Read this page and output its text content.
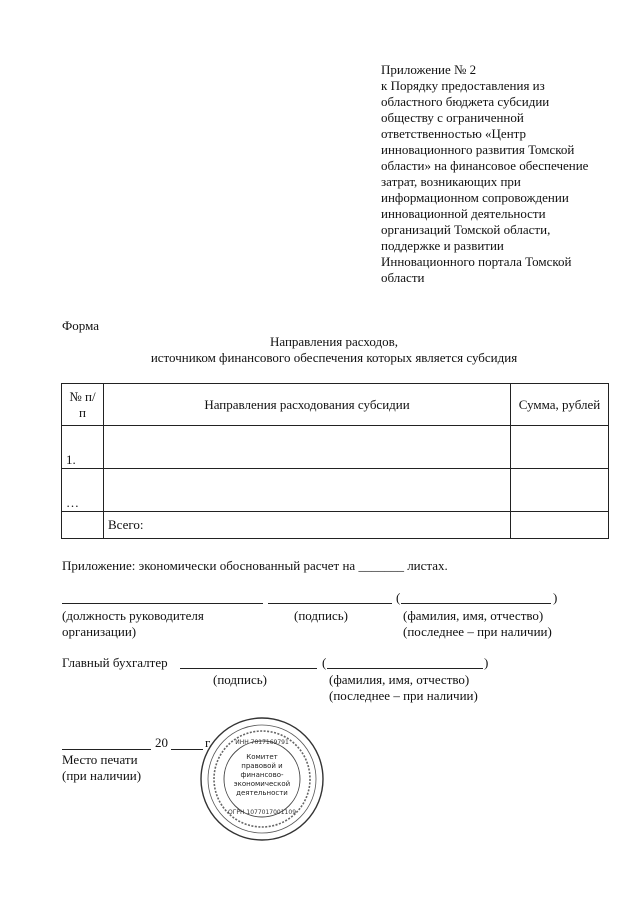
Приложение № 2
к Порядку предоставления из
областного бюджета субсидии
обществу с ограниченной
ответственностью «Центр
инновационного развития Томской
области» на финансовое обеспечение
затрат, возникающих при
информационном сопровождении
инновационной деятельности
организаций Томской области,
поддержке и развитии
Инновационного портала Томской
области
Форма
Направления расходов,
источником финансового обеспечения которых является субсидия
№ п/п	Направления расходования субсидии	Сумма, рублей
1.		
…		
	Всего:	
Приложение: экономически обоснованный расчет на _______ листах.
(	)
(должность руководителя
организации)
(подпись)	(фамилия, имя, отчество)
(последнее – при наличии)
Главный бухгалтер	(	)
(подпись)	(фамилия, имя, отчество)
(последнее – при наличии)
20	г.
Место печати
(при наличии)
ИНН 7017169791
Комитет
правовой и
финансово-
экономической
деятельности
ОГРН 1077017001109
